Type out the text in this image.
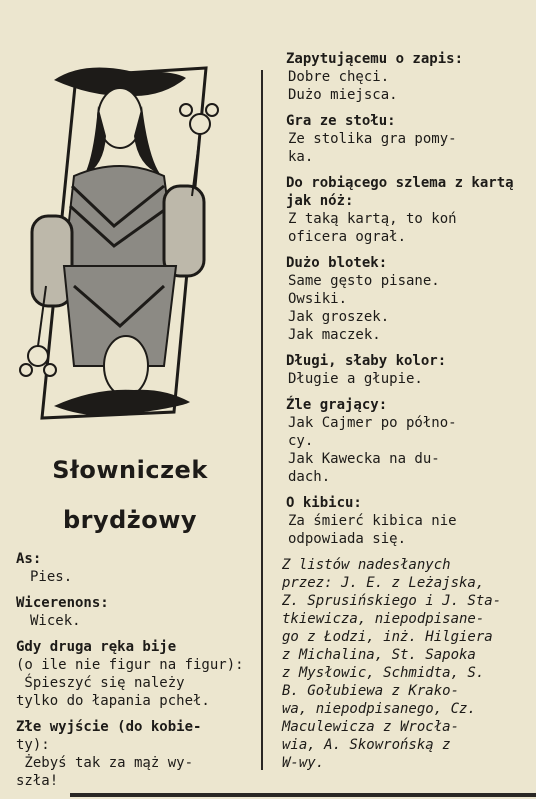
Słowniczek
brydżowy
As:
Pies.
Wicerenons:
Wicek.
Gdy druga ręka bije
(o ile nie figur na figur):
Śpieszyć się należy
tylko do łapania pcheł.
Złe wyjście (do kobie-
ty):
Żebyś tak za mąż wy-
szła!
Zapytującemu o zapis:
Dobre chęci.
Dużo miejsca.
Gra ze stołu:
Ze stolika gra pomy-
ka.
Do robiącego szlema z kartą jak nóż:
Z taką kartą, to koń
oficera ograł.
Dużo blotek:
Same gęsto pisane.
Owsiki.
Jak groszek.
Jak maczek.
Długi, słaby kolor:
Długie a głupie.
Źle grający:
Jak Cajmer po półno-
cy.
Jak Kawecka na du-
dach.
O kibicu:
Za śmierć kibica nie
odpowiada się.
Z listów nadesłanych
przez: J. E. z Leżajska,
Z. Sprusińskiego i J. Sta-
tkiewicza, niepodpisane-
go z Łodzi, inż. Hilgiera
z Michalina, St. Sapoka
z Mysłowic, Schmidta, S.
B. Gołubiewa z Krako-
wa, niepodpisanego, Cz.
Maculewicza z Wrocła-
wia, A. Skowrońską z
W-wy.
